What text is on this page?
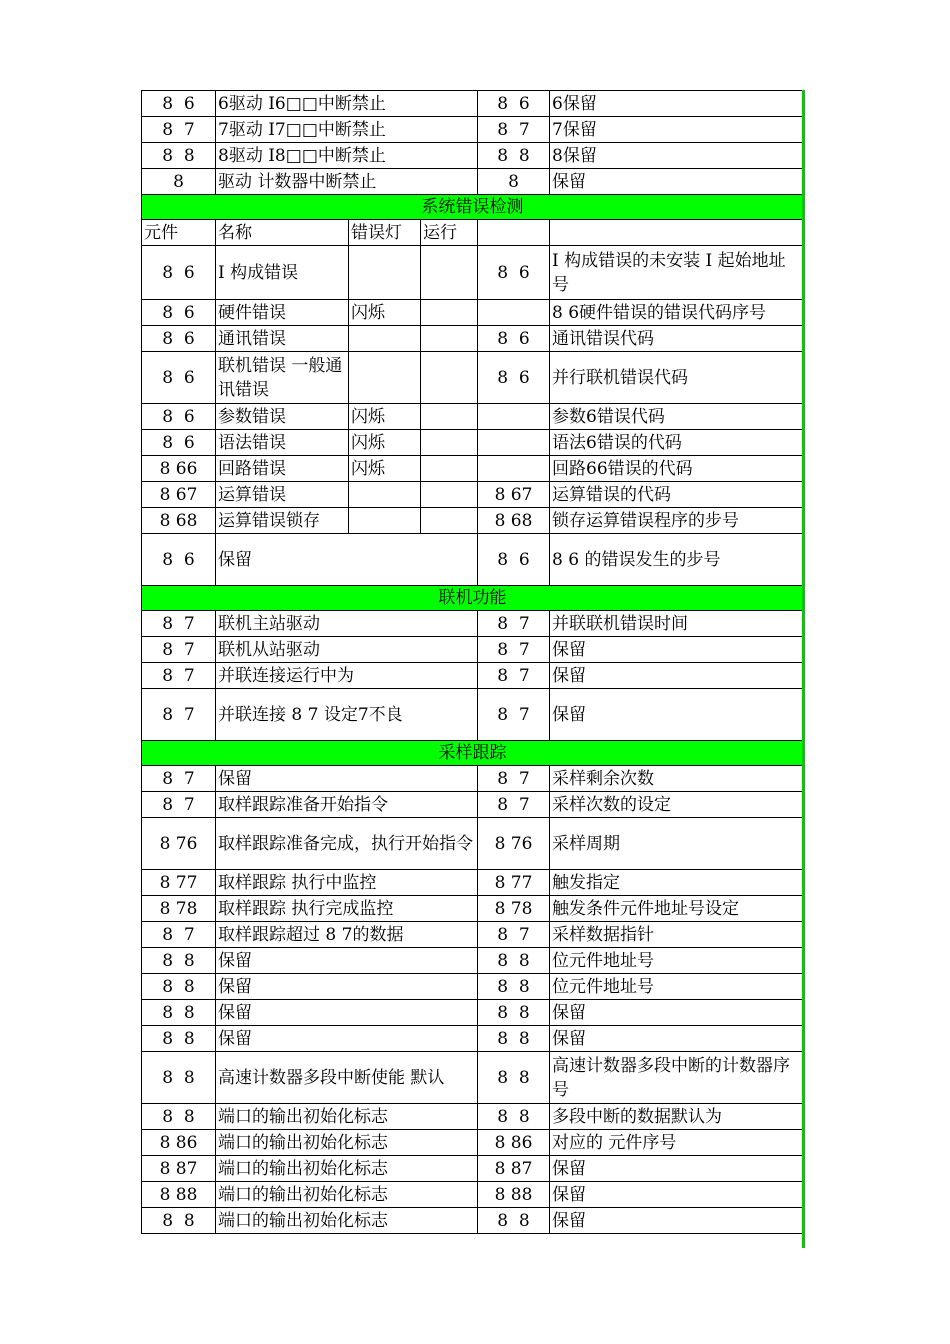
8  6	6驱动 I6□□中断禁止			8  6	6保留
8  7	7驱动 I7□□中断禁止			8  7	7保留
8  8	8驱动 I8□□中断禁止			8  8	8保留
8	驱动 计数器中断禁止			8	保留
系统错误检测					
元件	名称	错误灯	运行		
8  6	I 构成错误			8  6	I 构成错误的未安装 I 起始地址号
8  6	硬件错误	闪烁			8 6硬件错误的错误代码序号
8  6	通讯错误			8  6	通讯错误代码
8  6	联机错误 一般通讯错误			8  6	并行联机错误代码
8  6	参数错误	闪烁			参数6错误代码
8  6	语法错误	闪烁			语法6错误的代码
8 66	回路错误	闪烁			回路66错误的代码
8 67	运算错误			8 67	运算错误的代码
8 68	运算错误锁存			8 68	锁存运算错误程序的步号
8  6	保留			8  6	8 6 的错误发生的步号
联机功能					
8  7	联机主站驱动			8  7	并联联机错误时间
8  7	联机从站驱动			8  7	保留
8  7	并联连接运行中为			8  7	保留
8  7	并联连接 8 7 设定7不良			8  7	保留
采样跟踪					
8  7	保留			8  7	采样剩余次数
8  7	取样跟踪准备开始指令			8  7	采样次数的设定
8 76	取样跟踪准备完成，执行开始指令			8 76	采样周期
8 77	取样跟踪 执行中监控			8 77	触发指定
8 78	取样跟踪 执行完成监控			8 78	触发条件元件地址号设定
8  7	取样跟踪超过 8 7的数据			8  7	采样数据指针
8  8	保留			8  8	位元件地址号
8  8	保留			8  8	位元件地址号
8  8	保留			8  8	保留
8  8	保留			8  8	保留
8  8	高速计数器多段中断使能 默认			8  8	高速计数器多段中断的计数器序号
8  8	端口的输出初始化标志			8  8	多段中断的数据默认为
8 86	端口的输出初始化标志			8 86	对应的 元件序号
8 87	端口的输出初始化标志			8 87	保留
8 88	端口的输出初始化标志			8 88	保留
8  8	端口的输出初始化标志			8  8	保留
